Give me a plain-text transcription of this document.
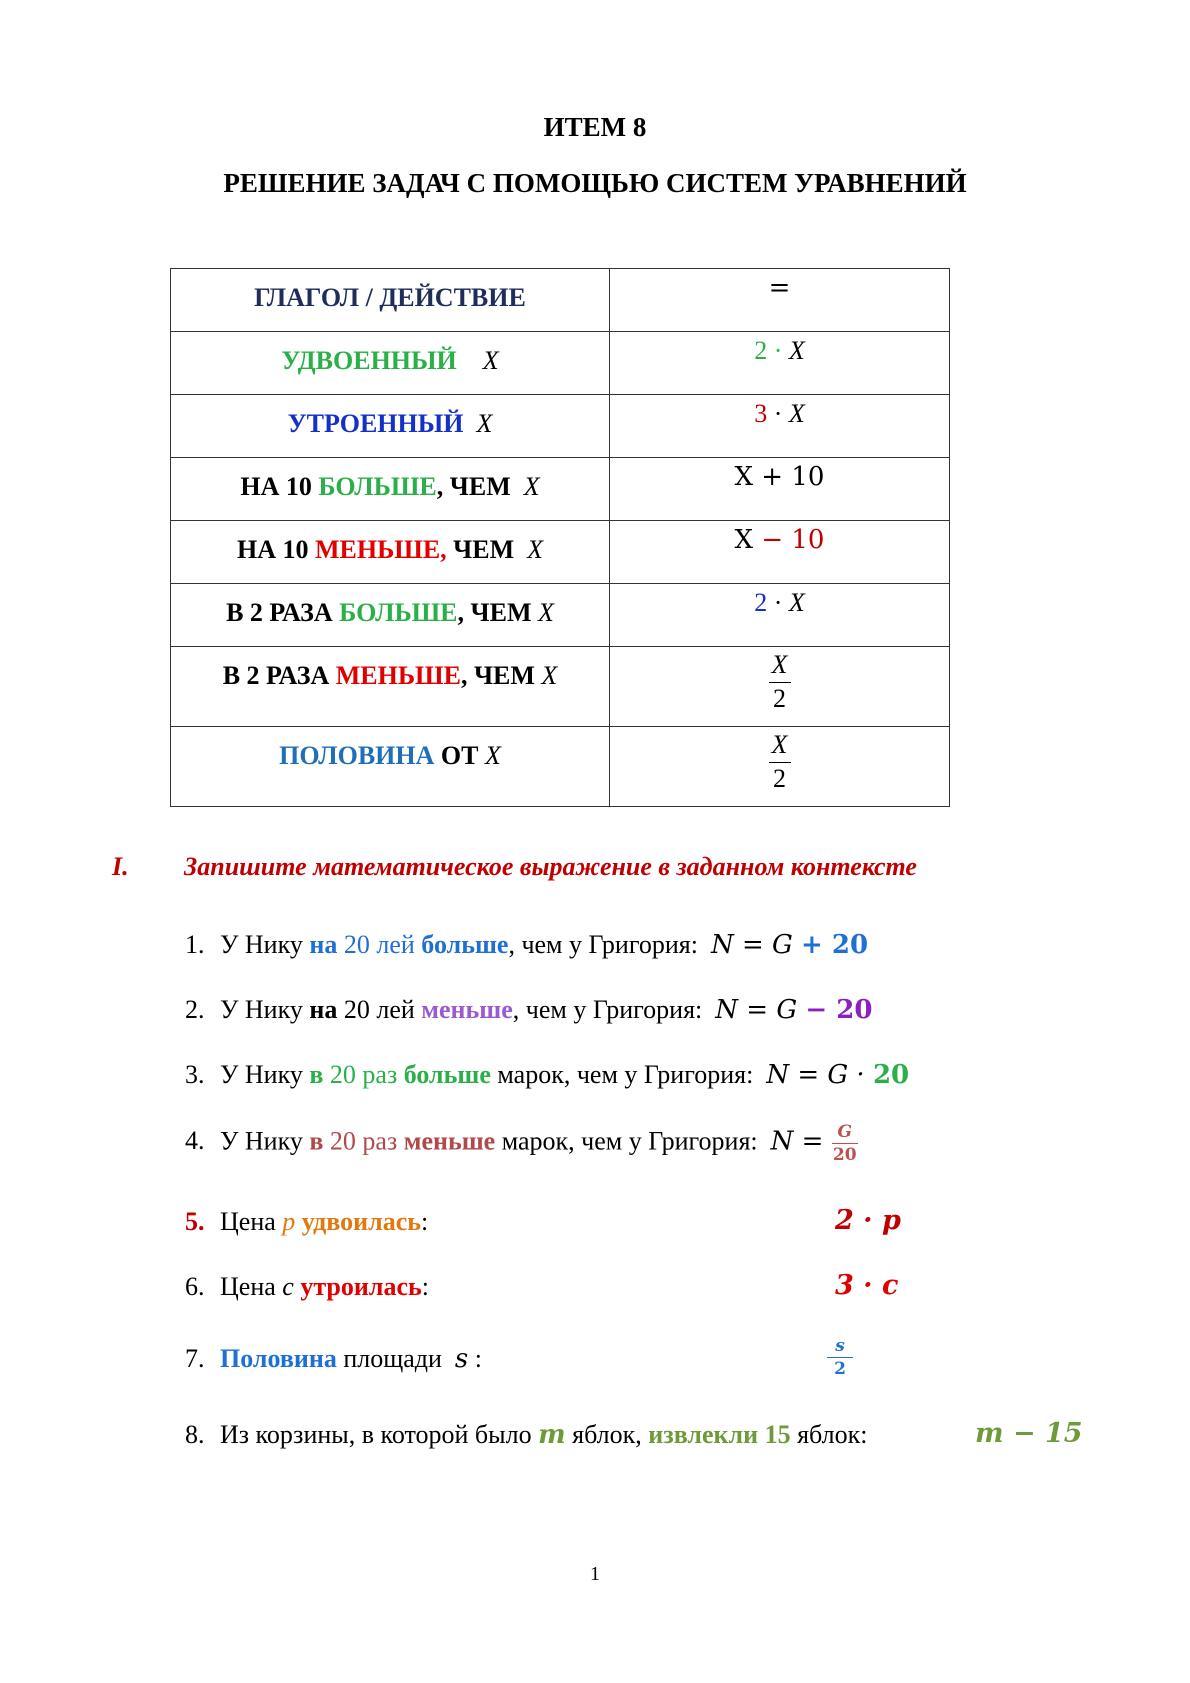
ИТЕМ 8
РЕШЕНИЕ ЗАДАЧ С ПОМОЩЬЮ СИСТЕМ УРАВНЕНИЙ
ГЛАГОЛ / ДЕЙСТВИЕ	=
УДВОЕННЫЙ X	2 · X
УТРОЕННЫЙ X	3 · X
НА 10 БОЛЬШЕ, ЧЕМ X	X + 10
НА 10 МЕНЬШЕ, ЧЕМ X	X − 10
В 2 РАЗА БОЛЬШЕ, ЧЕМ X	2 · X
В 2 РАЗА МЕНЬШЕ, ЧЕМ X	$\frac{X}{2}$

ПОЛОВИНА ОТ X	$\frac{X}{2}$
I. Запишите математическое выражение в заданном контексте
1. У Нику на 20 лей больше, чем у Григория: N = G + 20
2. У Нику на 20 лей меньше, чем у Григория: N = G − 20
3. У Нику в 20 раз больше марок, чем у Григория: N = G · 20
4. У Нику в 20 раз меньше марок, чем у Григория: $N = \frac{G}{20}$
5. Цена p удвоилась:	2 · p
6. Цена c утроилась:	3 · c
7. Половина площади  s :	s
2
8. Из корзины, в которой было m яблок, извлекли 15 яблок:	m − 15
1
